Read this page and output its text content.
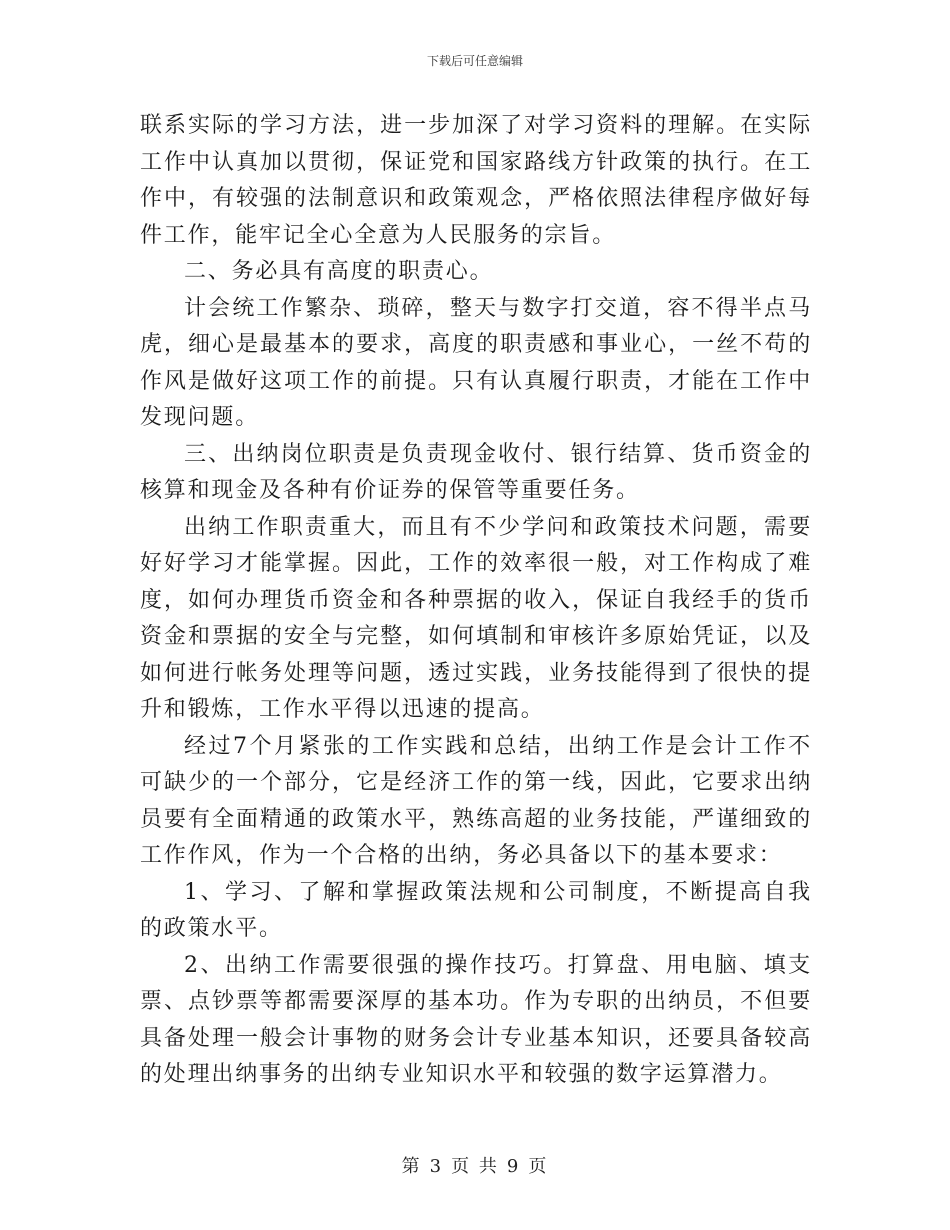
下载后可任意编辑

联系实际的学习方法，进一步加深了对学习资料的理解。在实际工作中认真加以贯彻，保证党和国家路线方针政策的执行。在工作中，有较强的法制意识和政策观念，严格依照法律程序做好每件工作，能牢记全心全意为人民服务的宗旨。

二、务必具有高度的职责心。

计会统工作繁杂、琐碎，整天与数字打交道，容不得半点马虎，细心是最基本的要求，高度的职责感和事业心，一丝不苟的作风是做好这项工作的前提。只有认真履行职责，才能在工作中发现问题。

三、出纳岗位职责是负责现金收付、银行结算、货币资金的核算和现金及各种有价证券的保管等重要任务。

出纳工作职责重大，而且有不少学问和政策技术问题，需要好好学习才能掌握。因此，工作的效率很一般，对工作构成了难度，如何办理货币资金和各种票据的收入，保证自我经手的货币资金和票据的安全与完整，如何填制和审核许多原始凭证，以及如何进行帐务处理等问题，透过实践，业务技能得到了很快的提升和锻炼，工作水平得以迅速的提高。

经过7个月紧张的工作实践和总结，出纳工作是会计工作不可缺少的一个部分，它是经济工作的第一线，因此，它要求出纳员要有全面精通的政策水平，熟练高超的业务技能，严谨细致的工作作风，作为一个合格的出纳，务必具备以下的基本要求：

1、学习、了解和掌握政策法规和公司制度，不断提高自我的政策水平。

2、出纳工作需要很强的操作技巧。打算盘、用电脑、填支票、点钞票等都需要深厚的基本功。作为专职的出纳员，不但要具备处理一般会计事物的财务会计专业基本知识，还要具备较高的处理出纳事务的出纳专业知识水平和较强的数字运算潜力。

第 3 页 共 9 页
